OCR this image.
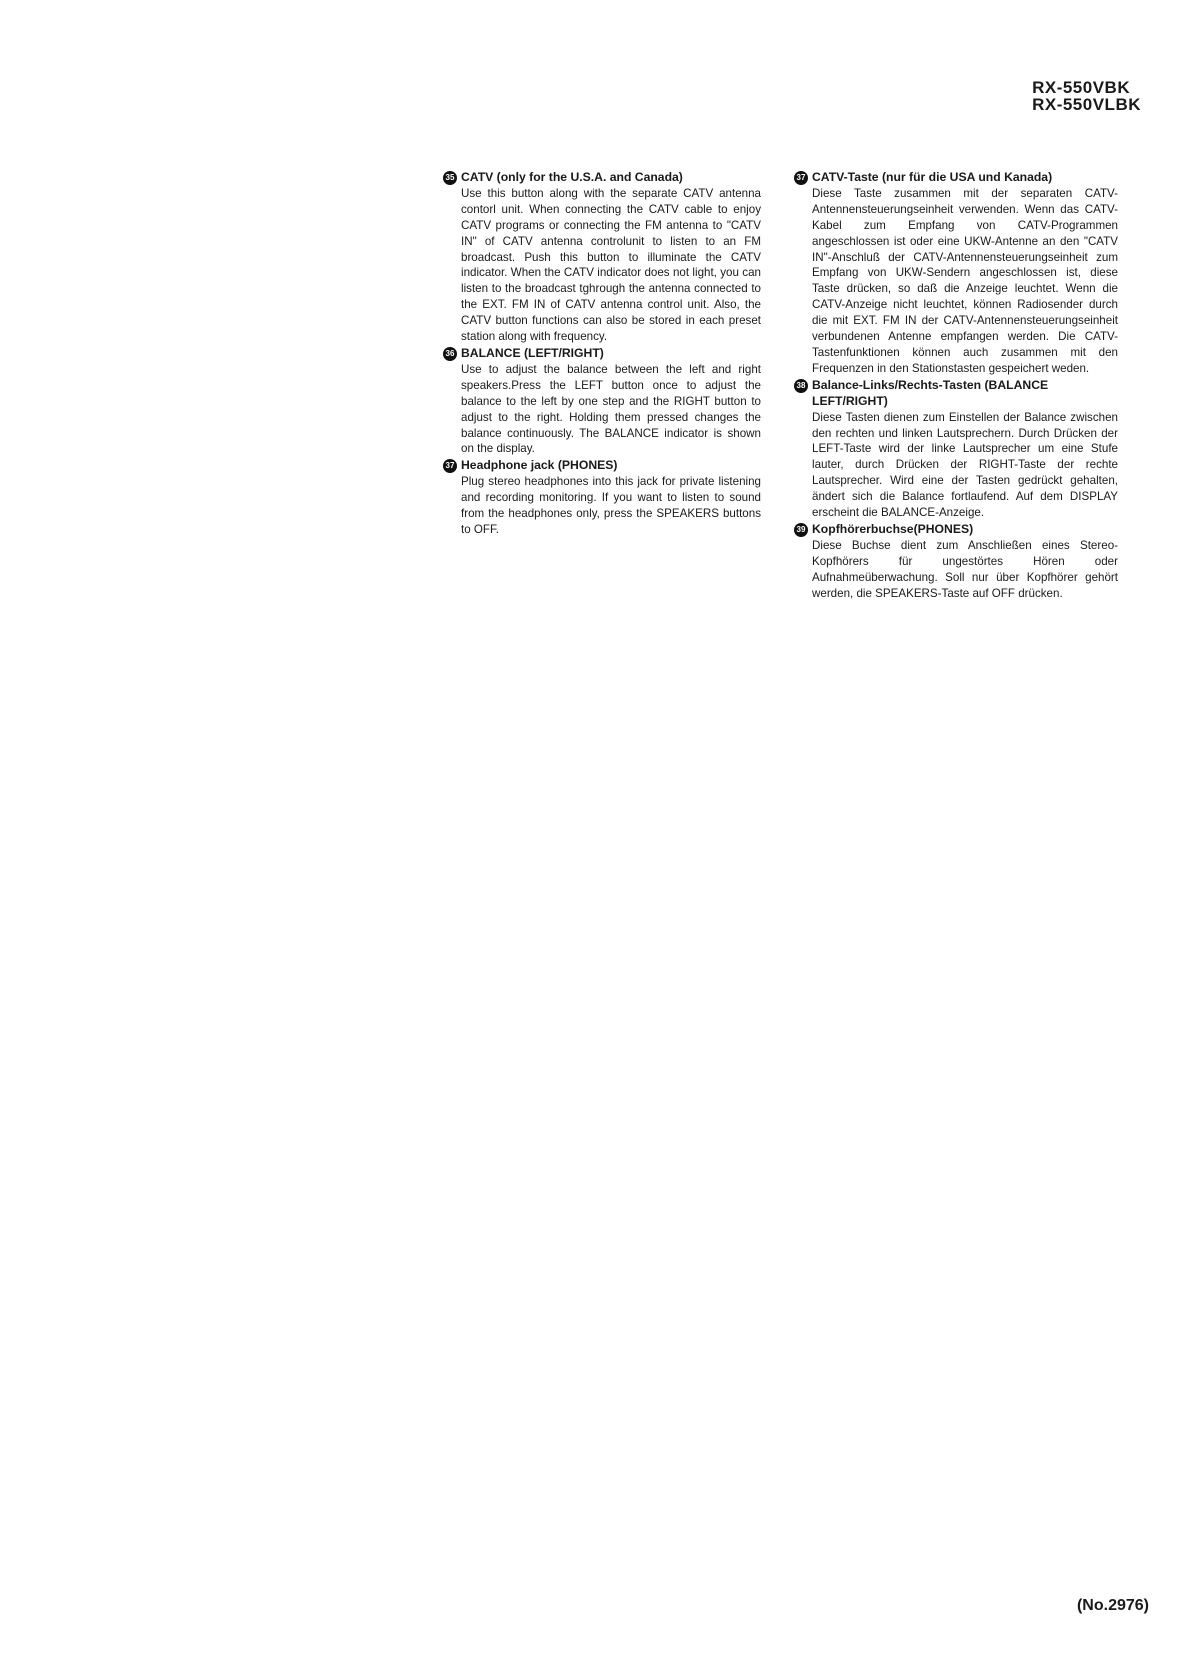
RX-550VBK
RX-550VLBK
35 CATV (only for the U.S.A. and Canada)
Use this button along with the separate CATV antenna contorl unit. When connecting the CATV cable to enjoy CATV programs or connecting the FM antenna to "CATV IN" of CATV antenna controlunit to listen to an FM broadcast. Push this button to illuminate the CATV indicator. When the CATV indicator does not light, you can listen to the broadcast tghrough the antenna connected to the EXT. FM IN of CATV antenna control unit. Also, the CATV button functions can also be stored in each preset station along with frequency.
36 BALANCE (LEFT/RIGHT)
Use to adjust the balance between the left and right speakers.Press the LEFT button once to adjust the balance to the left by one step and the RIGHT button to adjust to the right. Holding them pressed changes the balance continuously. The BALANCE indicator is shown on the display.
37 Headphone jack (PHONES)
Plug stereo headphones into this jack for private listening and recording monitoring. If you want to listen to sound from the headphones only, press the SPEAKERS buttons to OFF.
37 CATV-Taste (nur für die USA und Kanada)
Diese Taste zusammen mit der separaten CATV-Antennensteuerungseinheit verwenden. Wenn das CATV-Kabel zum Empfang von CATV-Programmen angeschlossen ist oder eine UKW-Antenne an den "CATV IN"-Anschluß der CATV-Antennensteuerungseinheit zum Empfang von UKW-Sendern angeschlossen ist, diese Taste drücken, so daß die Anzeige leuchtet. Wenn die CATV-Anzeige nicht leuchtet, können Radiosender durch die mit EXT. FM IN der CATV-Antennensteuerungseinheit verbundenen Antenne empfangen werden. Die CATV-Tastenfunktionen können auch zusammen mit den Frequenzen in den Stationstasten gespeichert weden.
38 Balance-Links/Rechts-Tasten (BALANCE LEFT/RIGHT)
Diese Tasten dienen zum Einstellen der Balance zwischen den rechten und linken Lautsprechern. Durch Drücken der LEFT-Taste wird der linke Lautsprecher um eine Stufe lauter, durch Drücken der RIGHT-Taste der rechte Lautsprecher. Wird eine der Tasten gedrückt gehalten, ändert sich die Balance fortlaufend. Auf dem DISPLAY erscheint die BALANCE-Anzeige.
39 Kopfhörerbuchse(PHONES)
Diese Buchse dient zum Anschließen eines Stereo-Kopfhörers für ungestörtes Hören oder Aufnahmeüberwachung. Soll nur über Kopfhörer gehört werden, die SPEAKERS-Taste auf OFF drücken.
(No.2976)
